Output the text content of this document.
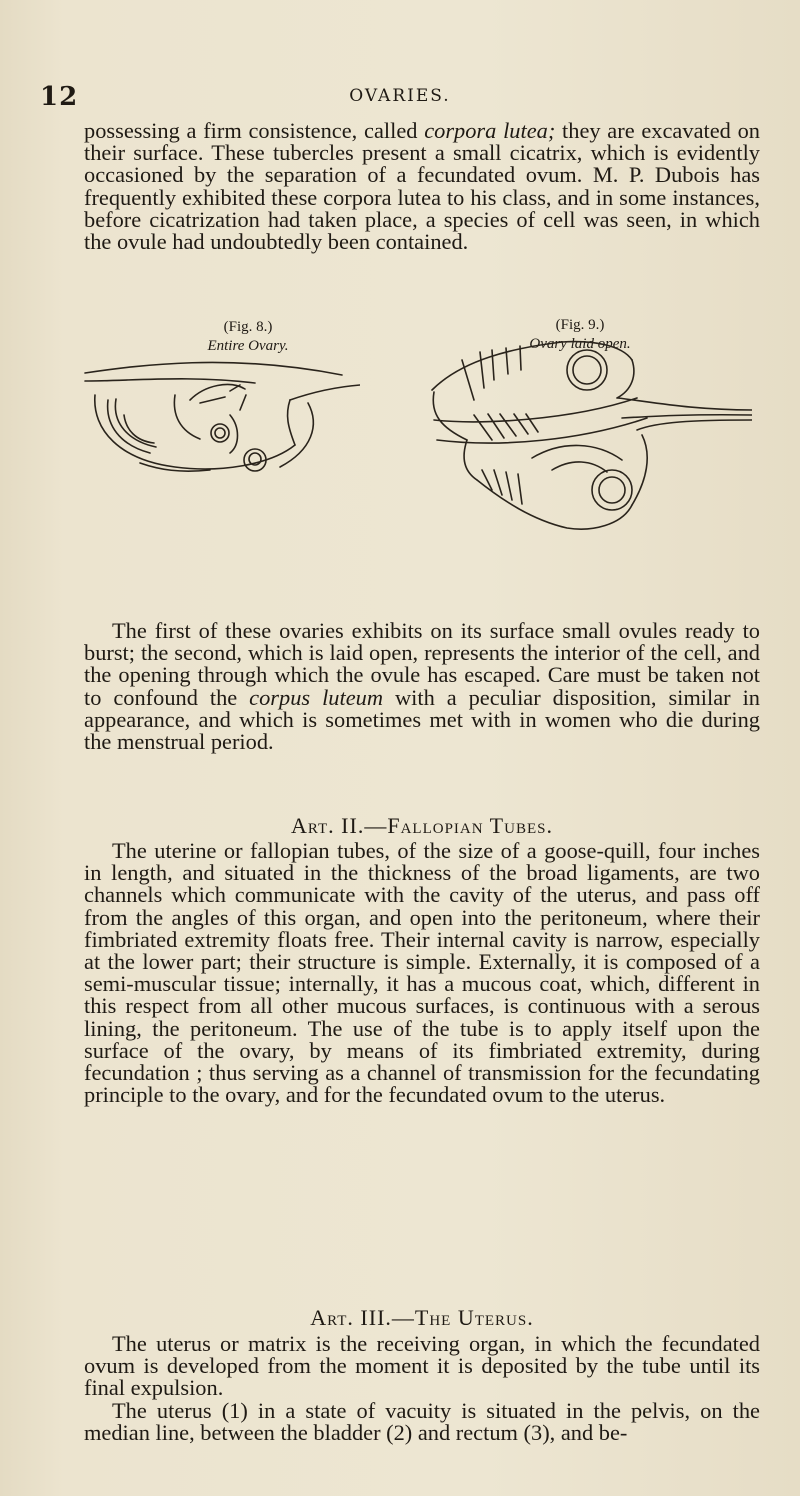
12	OVARIES.

possessing a firm consistence, called corpora lutea; they are excavated on their surface. These tubercles present a small cicatrix, which is evidently occasioned by the separation of a fecundated ovum. M. P. Dubois has frequently exhibited these corpora lutea to his class, and in some instances, before cicatrization had taken place, a species of cell was seen, in which the ovule had undoubtedly been contained.

(Fig. 8.)
Entire Ovary.
(Fig. 9.)
Ovary laid open.

The first of these ovaries exhibits on its surface small ovules ready to burst; the second, which is laid open, represents the interior of the cell, and the opening through which the ovule has escaped. Care must be taken not to confound the corpus luteum with a peculiar disposition, similar in appearance, and which is sometimes met with in women who die during the menstrual period.

Art. II.—Fallopian Tubes.

The uterine or fallopian tubes, of the size of a goose-quill, four inches in length, and situated in the thickness of the broad ligaments, are two channels which communicate with the cavity of the uterus, and pass off from the angles of this organ, and open into the peritoneum, where their fimbriated extremity floats free. Their internal cavity is narrow, especially at the lower part; their structure is simple. Externally, it is composed of a semi-muscular tissue; internally, it has a mucous coat, which, different in this respect from all other mucous surfaces, is continuous with a serous lining, the peritoneum. The use of the tube is to apply itself upon the surface of the ovary, by means of its fimbriated extremity, during fecundation ; thus serving as a channel of transmission for the fecundating principle to the ovary, and for the fecundated ovum to the uterus.

Art. III.—The Uterus.

The uterus or matrix is the receiving organ, in which the fecundated ovum is developed from the moment it is deposited by the tube until its final expulsion.

The uterus (1) in a state of vacuity is situated in the pelvis, on the median line, between the bladder (2) and rectum (3), and be-
